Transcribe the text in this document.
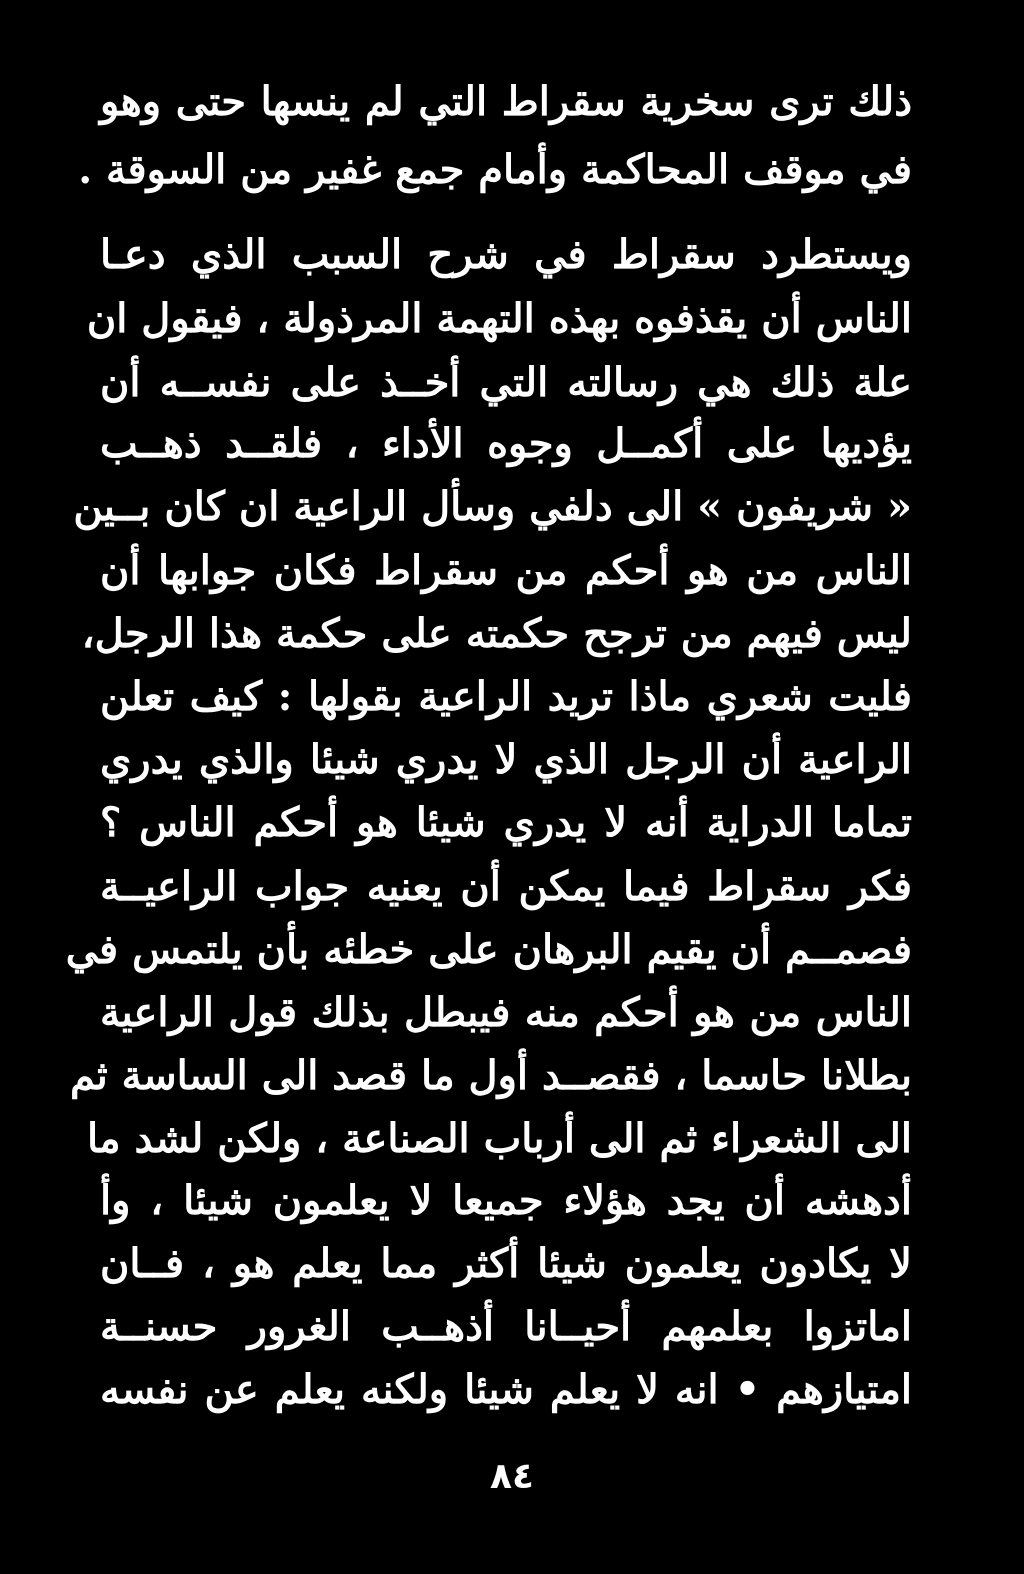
ذلك ترى سخرية سقراط التي لم ينسها حتى وهو
في موقف المحاكمة وأمام جمع غفير من السوقة .
ويستطرد سقراط في شرح السبب الذي دعـا
الناس أن يقذفوه بهذه التهمة المرذولة ، فيقول ان
علة ذلك هي رسالته التي أخــذ على نفســه أن
يؤديها على أكمــل وجوه الأداء ، فلقــد ذهــب
« شريفون » الى دلفي وسأل الراعية ان كان بــين
الناس من هو أحكم من سقراط فكان جوابها أن
ليس فيهم من ترجح حكمته على حكمة هذا الرجل،
فليت شعري ماذا تريد الراعية بقولها : كيف تعلن
الراعية أن الرجل الذي لا يدري شيئا والذي يدري
تماما الدراية أنه لا يدري شيئا هو أحكم الناس ؟
فكر سقراط فيما يمكن أن يعنيه جواب الراعيــة
فصمــم أن يقيم البرهان على خطئه بأن يلتمس في
الناس من هو أحكم منه فيبطل بذلك قول الراعية
بطلانا حاسما ، فقصــد أول ما قصد الى الساسة ثم
الى الشعراء ثم الى أرباب الصناعة ، ولكن لشد ما
أدهشه أن يجد هؤلاء جميعا لا يعلمون شيئا ، وأ
لا يكادون يعلمون شيئا أكثر مما يعلم هو ، فــان
اماتزوا بعلمهم أحيــانا أذهــب الغرور حسنــة
امتيازهم • انه لا يعلم شيئا ولكنه يعلم عن نفسه
٨٤
